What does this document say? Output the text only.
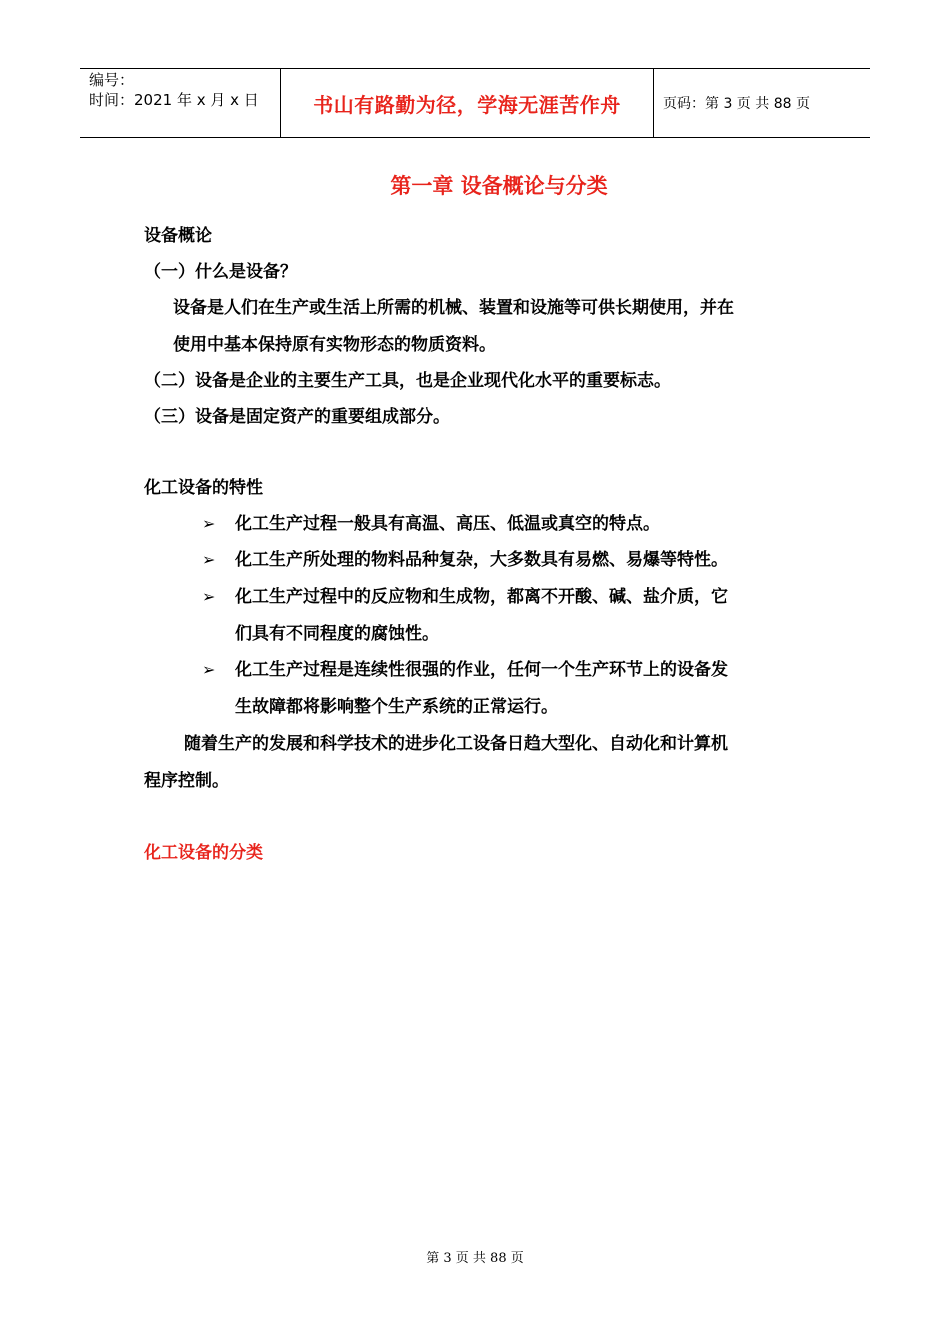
编号：
时间：2021 年 x 月 x 日	书山有路勤为径，学海无涯苦作舟	页码：第 3 页 共 88 页
第一章 设备概论与分类
设备概论
（一）什么是设备？
设备是人们在生产或生活上所需的机械、装置和设施等可供长期使用，并在
使用中基本保持原有实物形态的物质资料。
（二）设备是企业的主要生产工具，也是企业现代化水平的重要标志。
（三）设备是固定资产的重要组成部分。
化工设备的特性
➢ 化工生产过程一般具有高温、高压、低温或真空的特点。
➢ 化工生产所处理的物料品种复杂，大多数具有易燃、易爆等特性。
➢ 化工生产过程中的反应物和生成物，都离不开酸、碱、盐介质，它
们具有不同程度的腐蚀性。
➢ 化工生产过程是连续性很强的作业，任何一个生产环节上的设备发
生故障都将影响整个生产系统的正常运行。
随着生产的发展和科学技术的进步化工设备日趋大型化、自动化和计算机
程序控制。
化工设备的分类
第 3 页 共 88 页
